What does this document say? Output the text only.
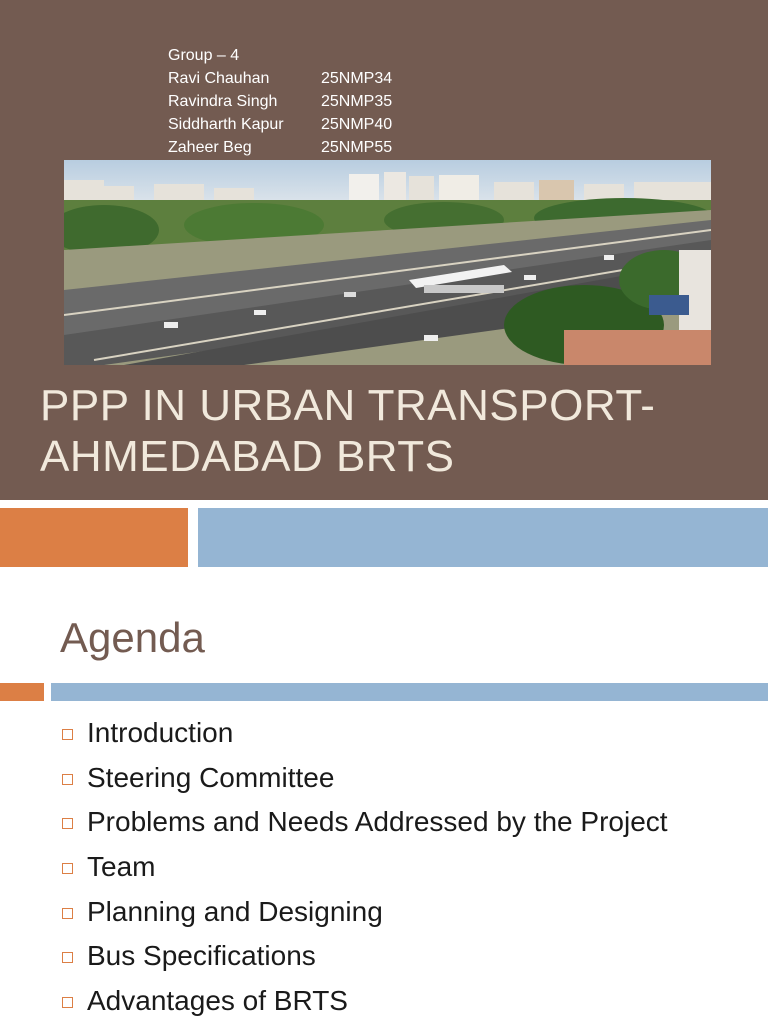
Group – 4
Ravi Chauhan	25NMP34
Ravindra Singh	25NMP35
Siddharth Kapur	25NMP40
Zaheer Beg	25NMP55
PPP IN URBAN TRANSPORT-
AHMEDABAD BRTS
Agenda
Introduction
Steering Committee
Problems and Needs Addressed by the Project
Team
Planning and Designing
Bus Specifications
Advantages of BRTS
